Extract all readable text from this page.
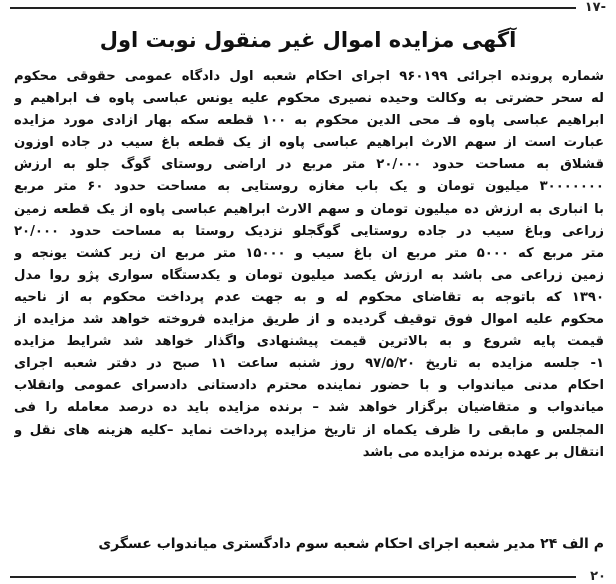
۱۷-
آگهی مزایده اموال غیر منقول نوبت اول
شماره پرونده اجرائی ۹۶۰۱۹۹ اجرای احکام شعبه اول دادگاه عمومی حقوقی محکوم
له سحر حضرتی به وکالت وحیده نصیری محکوم علیه یونس عباسی پاوه ف ابراهیم و
ابراهیم عباسی پاوه فـ محی الدین محکوم به ۱۰۰ قطعه سکه بهار ازادی مورد مزایده
عبارت است از سهم الارث ابراهیم عباسی پاوه از یک قطعه باغ سیب در جاده اوزون
قشلاق به مساحت حدود ۲۰/۰۰۰ متر مربع در اراضی روستای گوگ جلو به ارزش
۳۰۰۰۰۰۰۰ میلیون تومان و یک باب مغازه روستایی به مساحت حدود ۶۰ متر مربع
با انباری به ارزش ده میلیون تومان و سهم الارث ابراهیم عباسی پاوه از یک قطعه زمین
زراعی وباغ سیب در جاده روستایی گوگجلو نزدیک روستا به مساحت حدود ۲۰/۰۰۰
متر مربع که ۵۰۰۰ متر مربع ان باغ سیب و ۱۵۰۰۰ متر مربع ان زیر کشت یونجه و
زمین زراعی می باشد به ارزش یکصد میلیون تومان و یکدستگاه سواری پژو روا مدل
۱۳۹۰ که باتوجه به تقاضای محکوم له و به جهت عدم پرداخت محکوم به از ناحیه
محکوم علیه اموال فوق توقیف گردیده و از طریق مزایده فروخته خواهد شد مزایده از
قیمت پایه شروع و به بالاترین قیمت پیشنهادی واگذار خواهد شد شرایط مزایده
۱- جلسه مزایده به تاریخ ۹۷/۵/۲۰ روز شنبه ساعت ۱۱ صبح در دفتر شعبه اجرای
احکام مدنی میاندواب و با حضور نماینده محترم دادستانی دادسرای عمومی وانقلاب
میاندواب و متقاضیان برگزار خواهد شد – برنده مزایده باید ده درصد معامله را فی
المجلس و مابقی را ظرف یکماه از تاریخ مزایده پرداخت نماید –کلیه هزینه های نقل و
انتقال بر عهده برنده مزایده می باشد
م الف ۲۴ مدیر شعبه اجرای احکام شعبه سوم دادگستری میاندواب عسگری
۲۰
